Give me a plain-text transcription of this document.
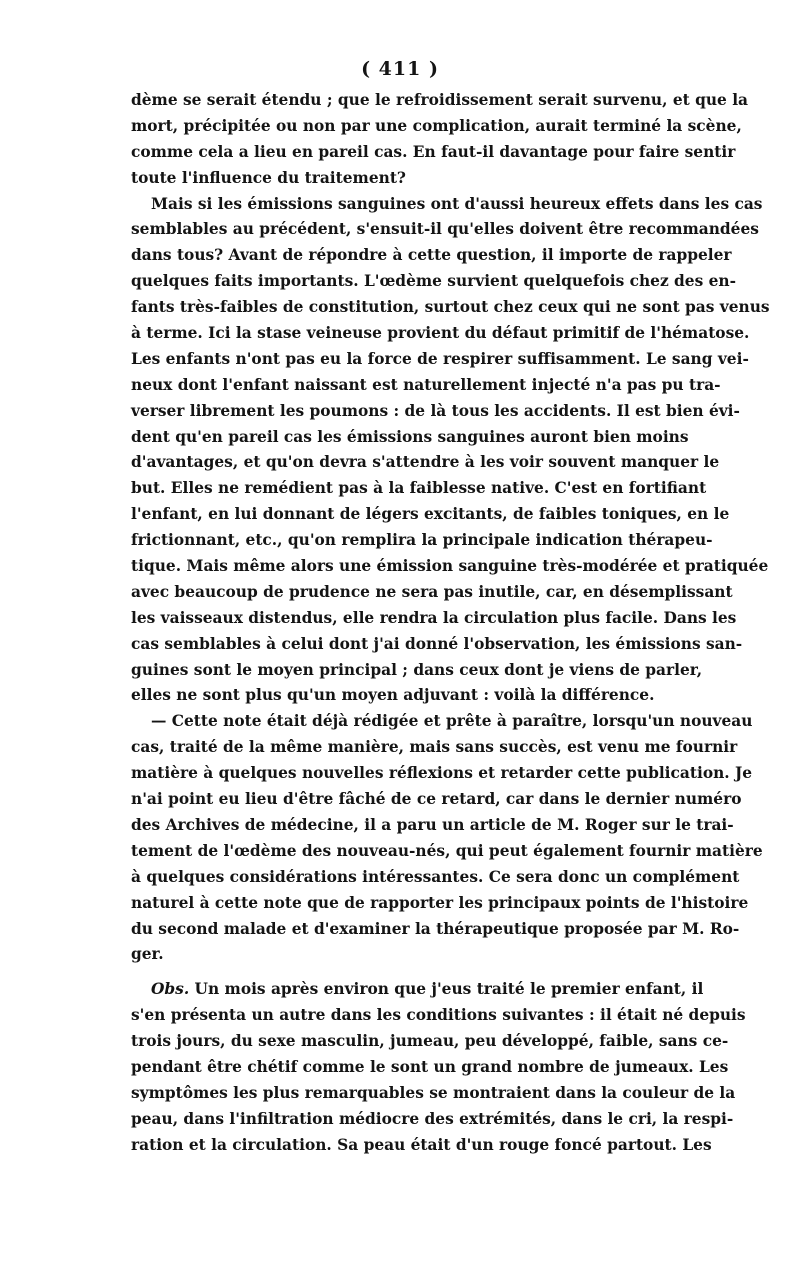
( 411 )
dème se serait étendu ; que le refroidissement serait survenu, et que la
mort, précipitée ou non par une complication, aurait terminé la scène,
comme cela a lieu en pareil cas. En faut-il davantage pour faire sentir
toute l'influence du traitement?
Mais si les émissions sanguines ont d'aussi heureux effets dans les cas
semblables au précédent, s'ensuit-il qu'elles doivent être recommandées
dans tous? Avant de répondre à cette question, il importe de rappeler
quelques faits importants. L'œdème survient quelquefois chez des en-
fants très-faibles de constitution, surtout chez ceux qui ne sont pas venus
à terme. Ici la stase veineuse provient du défaut primitif de l'hématose.
Les enfants n'ont pas eu la force de respirer suffisamment. Le sang vei-
neux dont l'enfant naissant est naturellement injecté n'a pas pu tra-
verser librement les poumons : de là tous les accidents. Il est bien évi-
dent qu'en pareil cas les émissions sanguines auront bien moins
d'avantages, et qu'on devra s'attendre à les voir souvent manquer le
but. Elles ne remédient pas à la faiblesse native. C'est en fortifiant
l'enfant, en lui donnant de légers excitants, de faibles toniques, en le
frictionnant, etc., qu'on remplira la principale indication thérapeu-
tique. Mais même alors une émission sanguine très-modérée et pratiquée
avec beaucoup de prudence ne sera pas inutile, car, en désemplissant
les vaisseaux distendus, elle rendra la circulation plus facile. Dans les
cas semblables à celui dont j'ai donné l'observation, les émissions san-
guines sont le moyen principal ; dans ceux dont je viens de parler,
elles ne sont plus qu'un moyen adjuvant : voilà la différence.
— Cette note était déjà rédigée et prête à paraître, lorsqu'un nouveau
cas, traité de la même manière, mais sans succès, est venu me fournir
matière à quelques nouvelles réflexions et retarder cette publication. Je
n'ai point eu lieu d'être fâché de ce retard, car dans le dernier numéro
des Archives de médecine, il a paru un article de M. Roger sur le trai-
tement de l'œdème des nouveau-nés, qui peut également fournir matière
à quelques considérations intéressantes. Ce sera donc un complément
naturel à cette note que de rapporter les principaux points de l'histoire
du second malade et d'examiner la thérapeutique proposée par M. Ro-
ger.
Obs. Un mois après environ que j'eus traité le premier enfant, il
s'en présenta un autre dans les conditions suivantes : il était né depuis
trois jours, du sexe masculin, jumeau, peu développé, faible, sans ce-
pendant être chétif comme le sont un grand nombre de jumeaux. Les
symptômes les plus remarquables se montraient dans la couleur de la
peau, dans l'infiltration médiocre des extrémités, dans le cri, la respi-
ration et la circulation. Sa peau était d'un rouge foncé partout. Les
